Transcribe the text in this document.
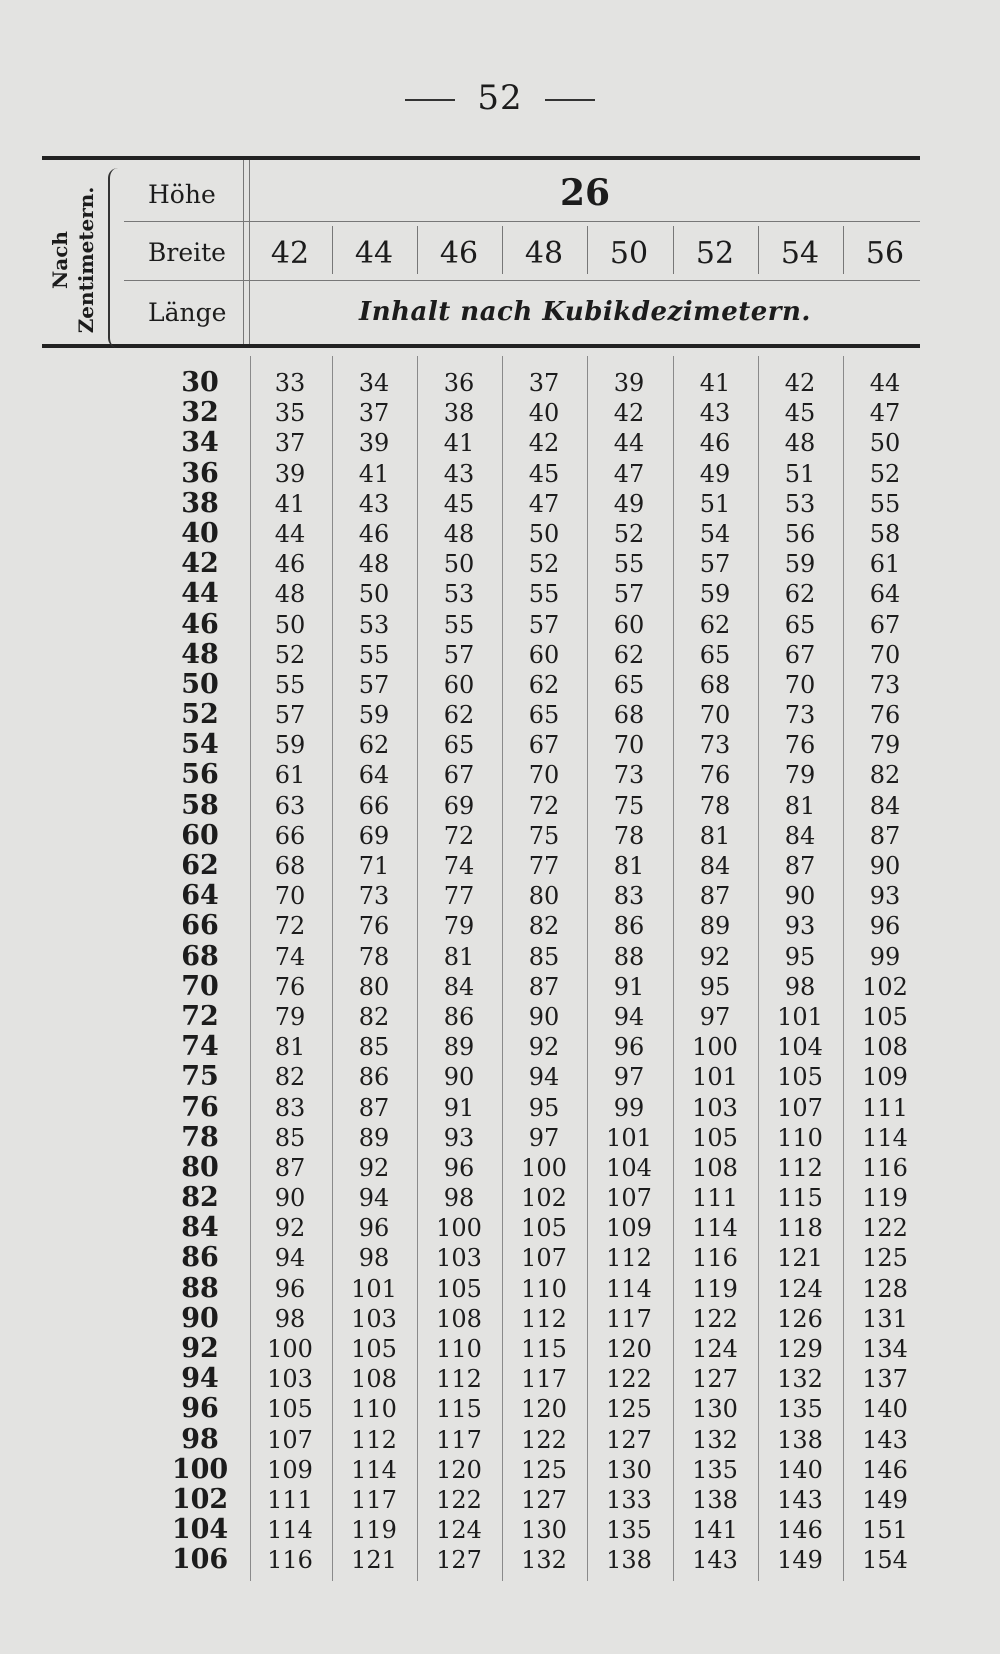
52
Nach Zentimetern. Höhe
Breite
Länge
26
42	44	46	48	50	52	54	56
Inhalt nach Kubikdezimetern.
30	33	34	36	37	39	41	42	44
32	35	37	38	40	42	43	45	47
34	37	39	41	42	44	46	48	50
36	39	41	43	45	47	49	51	52
38	41	43	45	47	49	51	53	55
40	44	46	48	50	52	54	56	58
42	46	48	50	52	55	57	59	61
44	48	50	53	55	57	59	62	64
46	50	53	55	57	60	62	65	67
48	52	55	57	60	62	65	67	70
50	55	57	60	62	65	68	70	73
52	57	59	62	65	68	70	73	76
54	59	62	65	67	70	73	76	79
56	61	64	67	70	73	76	79	82
58	63	66	69	72	75	78	81	84
60	66	69	72	75	78	81	84	87
62	68	71	74	77	81	84	87	90
64	70	73	77	80	83	87	90	93
66	72	76	79	82	86	89	93	96
68	74	78	81	85	88	92	95	99
70	76	80	84	87	91	95	98	102
72	79	82	86	90	94	97	101	105
74	81	85	89	92	96	100	104	108
75	82	86	90	94	97	101	105	109
76	83	87	91	95	99	103	107	111
78	85	89	93	97	101	105	110	114
80	87	92	96	100	104	108	112	116
82	90	94	98	102	107	111	115	119
84	92	96	100	105	109	114	118	122
86	94	98	103	107	112	116	121	125
88	96	101	105	110	114	119	124	128
90	98	103	108	112	117	122	126	131
92	100	105	110	115	120	124	129	134
94	103	108	112	117	122	127	132	137
96	105	110	115	120	125	130	135	140
98	107	112	117	122	127	132	138	143
100	109	114	120	125	130	135	140	146
102	111	117	122	127	133	138	143	149
104	114	119	124	130	135	141	146	151
106	116	121	127	132	138	143	149	154
